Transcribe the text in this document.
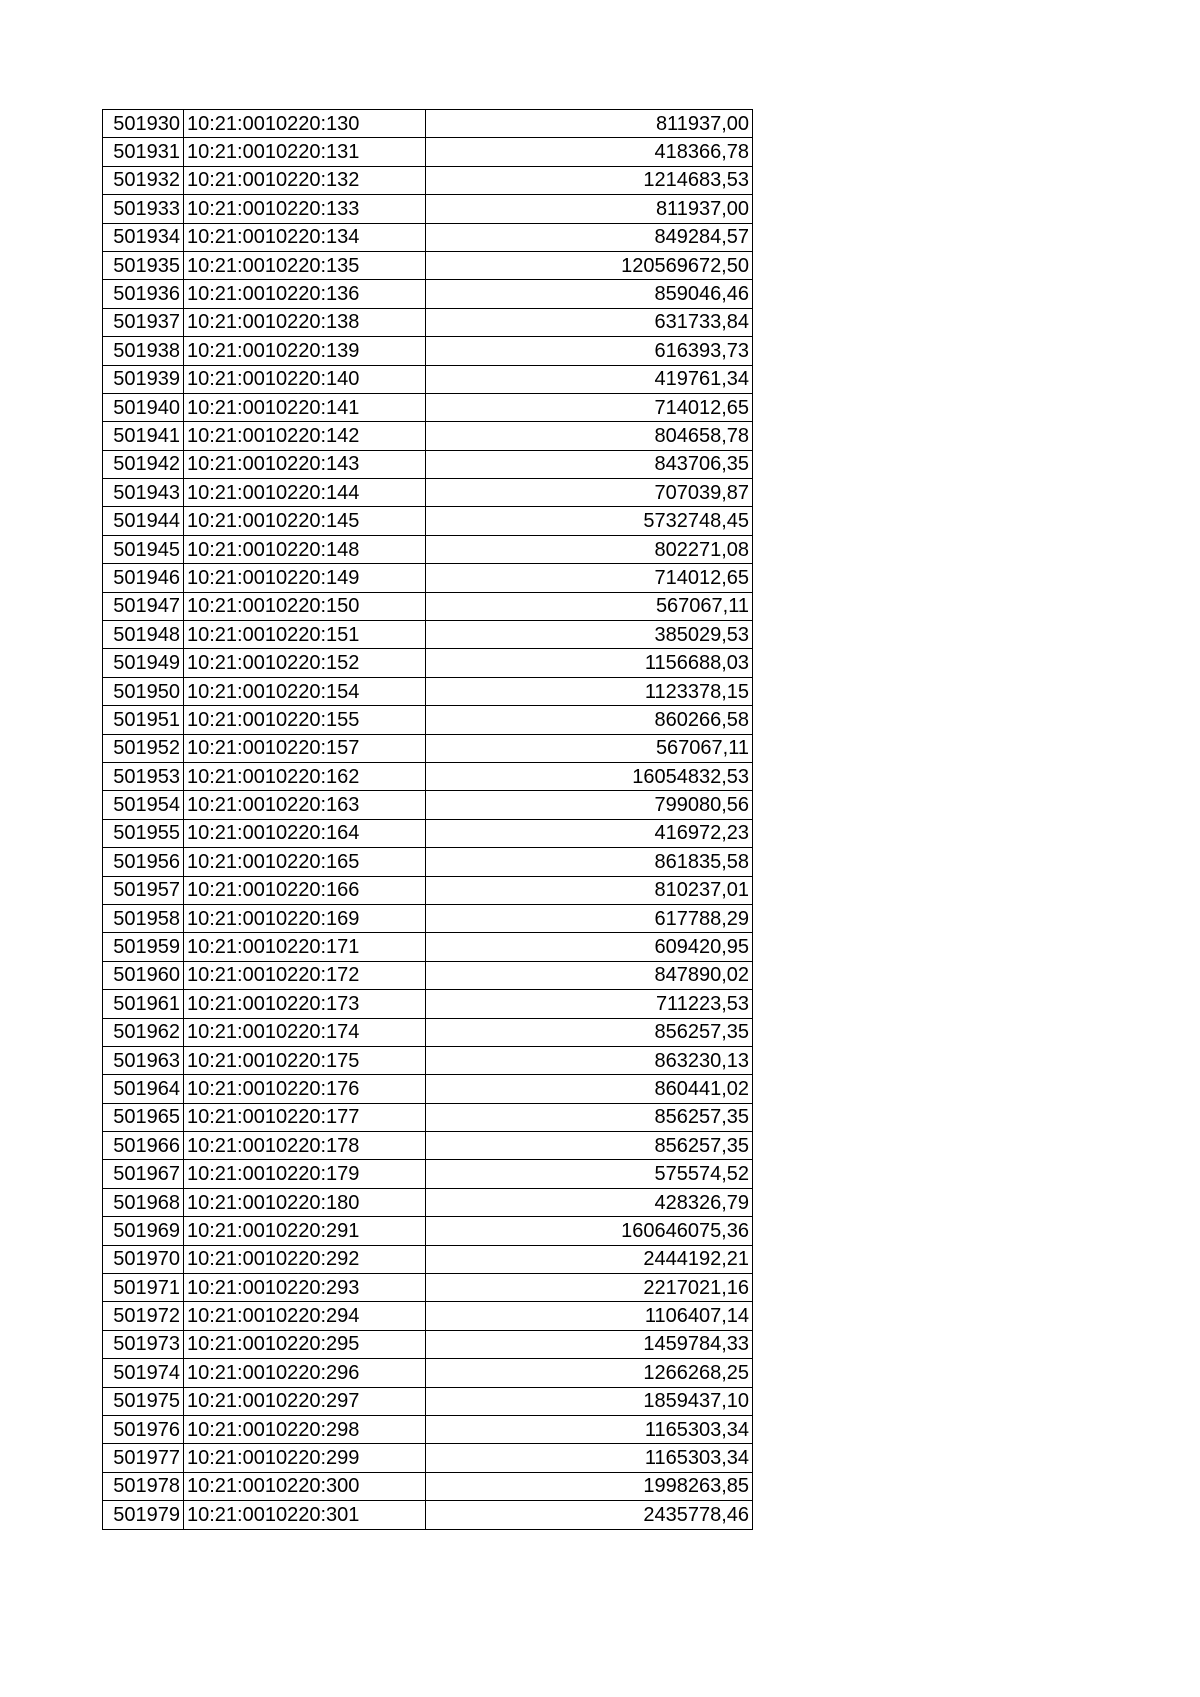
501930	10:21:0010220:130	811937,00
501931	10:21:0010220:131	418366,78
501932	10:21:0010220:132	1214683,53
501933	10:21:0010220:133	811937,00
501934	10:21:0010220:134	849284,57
501935	10:21:0010220:135	120569672,50
501936	10:21:0010220:136	859046,46
501937	10:21:0010220:138	631733,84
501938	10:21:0010220:139	616393,73
501939	10:21:0010220:140	419761,34
501940	10:21:0010220:141	714012,65
501941	10:21:0010220:142	804658,78
501942	10:21:0010220:143	843706,35
501943	10:21:0010220:144	707039,87
501944	10:21:0010220:145	5732748,45
501945	10:21:0010220:148	802271,08
501946	10:21:0010220:149	714012,65
501947	10:21:0010220:150	567067,11
501948	10:21:0010220:151	385029,53
501949	10:21:0010220:152	1156688,03
501950	10:21:0010220:154	1123378,15
501951	10:21:0010220:155	860266,58
501952	10:21:0010220:157	567067,11
501953	10:21:0010220:162	16054832,53
501954	10:21:0010220:163	799080,56
501955	10:21:0010220:164	416972,23
501956	10:21:0010220:165	861835,58
501957	10:21:0010220:166	810237,01
501958	10:21:0010220:169	617788,29
501959	10:21:0010220:171	609420,95
501960	10:21:0010220:172	847890,02
501961	10:21:0010220:173	711223,53
501962	10:21:0010220:174	856257,35
501963	10:21:0010220:175	863230,13
501964	10:21:0010220:176	860441,02
501965	10:21:0010220:177	856257,35
501966	10:21:0010220:178	856257,35
501967	10:21:0010220:179	575574,52
501968	10:21:0010220:180	428326,79
501969	10:21:0010220:291	160646075,36
501970	10:21:0010220:292	2444192,21
501971	10:21:0010220:293	2217021,16
501972	10:21:0010220:294	1106407,14
501973	10:21:0010220:295	1459784,33
501974	10:21:0010220:296	1266268,25
501975	10:21:0010220:297	1859437,10
501976	10:21:0010220:298	1165303,34
501977	10:21:0010220:299	1165303,34
501978	10:21:0010220:300	1998263,85
501979	10:21:0010220:301	2435778,46
